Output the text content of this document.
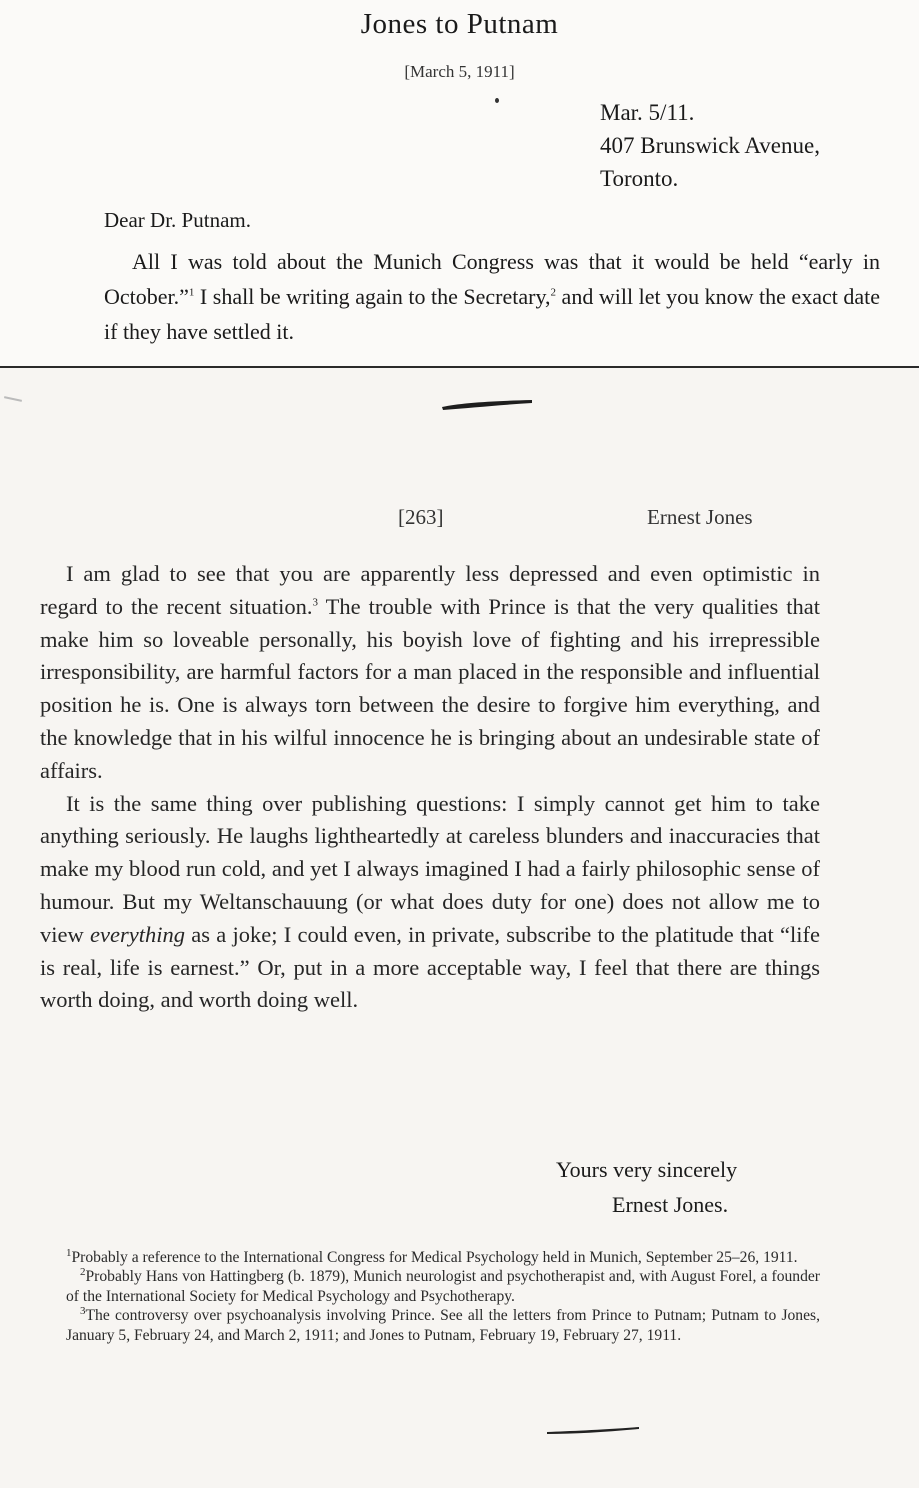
Jones to Putnam
[March 5, 1911]
Mar. 5/11.
407 Brunswick Avenue,
Toronto.
Dear Dr. Putnam.
All I was told about the Munich Congress was that it would be held “early in October.”$^1$ I shall be writing again to the Secretary,$^2$ and will let you know the exact date if they have settled it.
[263]	Ernest Jones

I am glad to see that you are apparently less depressed and even optimistic in regard to the recent situation.$^3$ The trouble with Prince is that the very qualities that make him so loveable personally, his boyish love of fighting and his irrepressible irresponsibility, are harmful factors for a man placed in the responsible and influential position he is. One is always torn between the desire to forgive him everything, and the knowledge that in his wilful innocence he is bringing about an undesirable state of affairs.

It is the same thing over publishing questions: I simply cannot get him to take anything seriously. He laughs lightheartedly at careless blunders and inaccuracies that make my blood run cold, and yet I always imagined I had a fairly philosophic sense of humour. But my Weltanschauung (or what does duty for one) does not allow me to view everything as a joke; I could even, in private, subscribe to the platitude that “life is real, life is earnest.” Or, put in a more acceptable way, I feel that there are things worth doing, and worth doing well.

Yours very sincerely
Ernest Jones.

$^1$Probably a reference to the International Congress for Medical Psychology held in Munich, September 25–26, 1911.

$^2$Probably Hans von Hattingberg (b. 1879), Munich neurologist and psychotherapist and, with August Forel, a founder of the International Society for Medical Psychology and Psychotherapy.

$^3$The controversy over psychoanalysis involving Prince. See all the letters from Prince to Putnam; Putnam to Jones, January 5, February 24, and March 2, 1911; and Jones to Putnam, February 19, February 27, 1911.
